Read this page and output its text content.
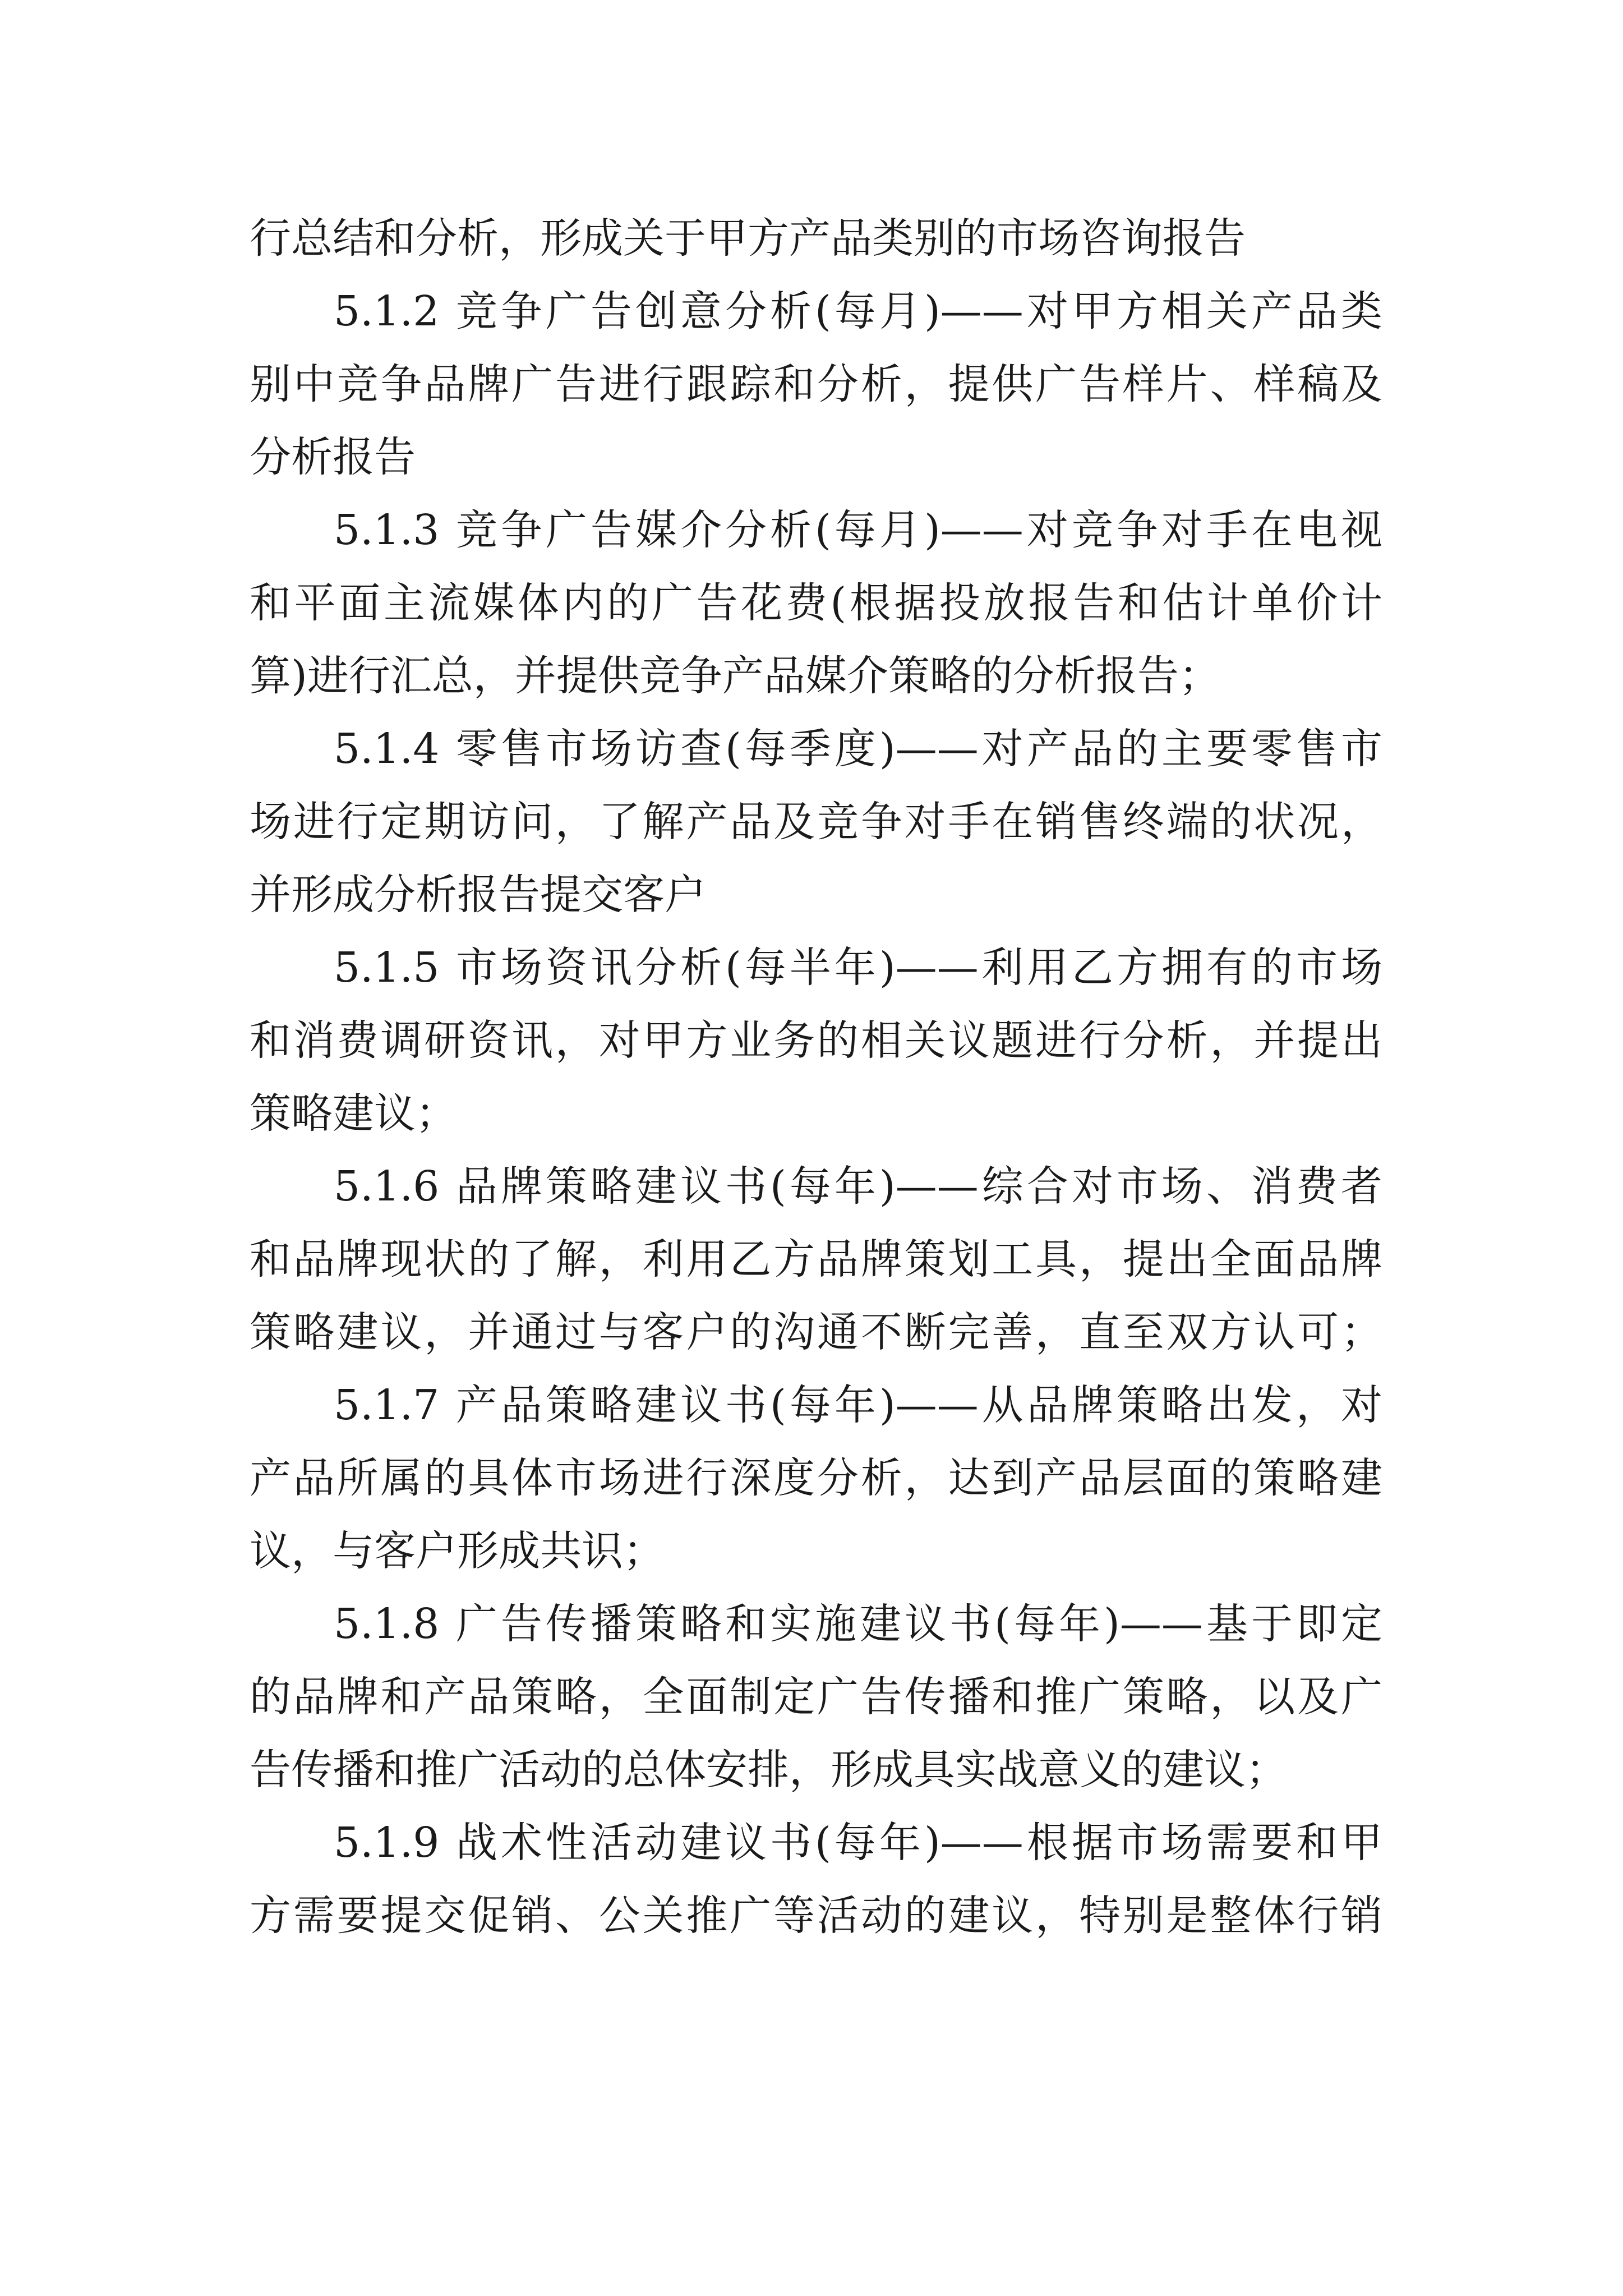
行总结和分析，形成关于甲方产品类别的市场咨询报告
5.1.2 竞争广告创意分析(每月)——对甲方相关产品类
别中竞争品牌广告进行跟踪和分析，提供广告样片、样稿及
分析报告
5.1.3 竞争广告媒介分析(每月)——对竞争对手在电视
和平面主流媒体内的广告花费(根据投放报告和估计单价计
算)进行汇总，并提供竞争产品媒介策略的分析报告；
5.1.4 零售市场访查(每季度)——对产品的主要零售市
场进行定期访问，了解产品及竞争对手在销售终端的状况，
并形成分析报告提交客户
5.1.5 市场资讯分析(每半年)——利用乙方拥有的市场
和消费调研资讯，对甲方业务的相关议题进行分析，并提出
策略建议；
5.1.6 品牌策略建议书(每年)——综合对市场、消费者
和品牌现状的了解，利用乙方品牌策划工具，提出全面品牌
策略建议，并通过与客户的沟通不断完善，直至双方认可；
5.1.7 产品策略建议书(每年)——从品牌策略出发，对
产品所属的具体市场进行深度分析，达到产品层面的策略建
议，与客户形成共识；
5.1.8 广告传播策略和实施建议书(每年)——基于即定
的品牌和产品策略，全面制定广告传播和推广策略，以及广
告传播和推广活动的总体安排，形成具实战意义的建议；
5.1.9 战术性活动建议书(每年)——根据市场需要和甲
方需要提交促销、公关推广等活动的建议，特别是整体行销
